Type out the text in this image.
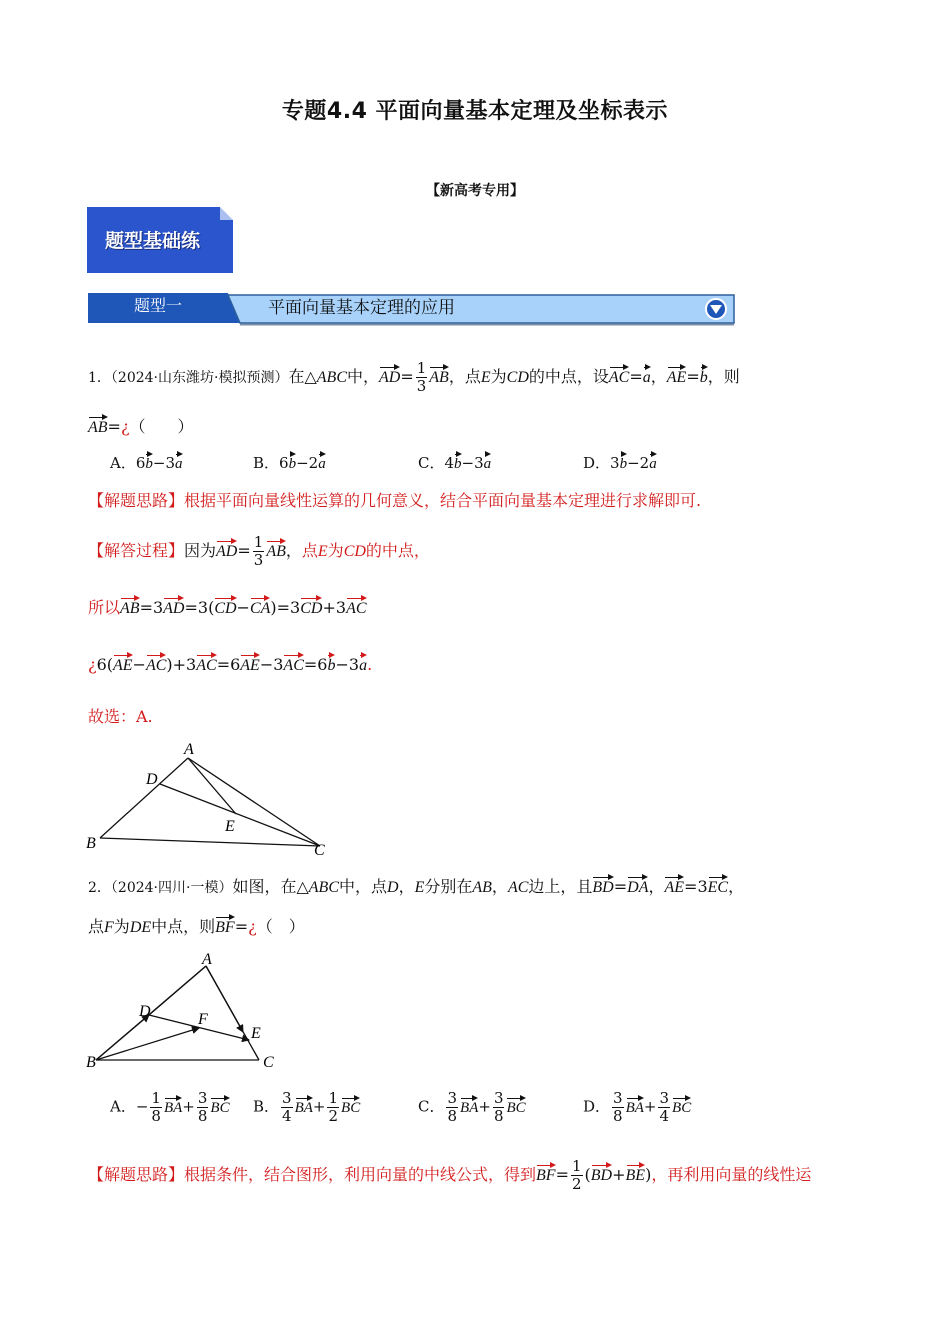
专题4.4 平面向量基本定理及坐标表示
【新高考专用】
题型基础练
题型一	平面向量基本定理的应用
1．（2024·山东潍坊·模拟预测）在△ABC中，$AD= \frac{1}{3}$ AB，点E为CD的中点，设AC=a，AE=b，则
AB=¿（　　）
A．6b−3a	B．6b−2a	C．4b−3a	D．3b−2a
【解题思路】根据平面向量线性运算的几何意义，结合平面向量基本定理进行求解即可.
【解答过程】因为$AD= \frac{1}{3}$ AB，点E为CD的中点，
所以AB=3AD=3(CD−CA)=3CD+3AC
¿6(AE−AC)+3AC=6AE−3AC=6b−3a.
故选：A.
A
D
E
B	C
2．（2024·四川·一模）如图，在△ABC中，点D，E分别在AB，AC边上，且BD=DA，AE=3EC，
点F为DE中点，则BF=¿（　）
A
D	F
E
B	C
A．− $\frac{1}{8} BA+ \frac{3}{8}$ BC B． $\frac{3}{4} BA+ \frac{1}{2}$ BC	C． $\frac{3}{8} BA+ \frac{3}{8}$ BC	D． $\frac{3}{8} BA+ \frac{3}{4}$ BC
【解题思路】根据条件，结合图形，利用向量的中线公式，得到$BF= \frac{1}{2} (BD+BE)$，再利用向量的线性运
